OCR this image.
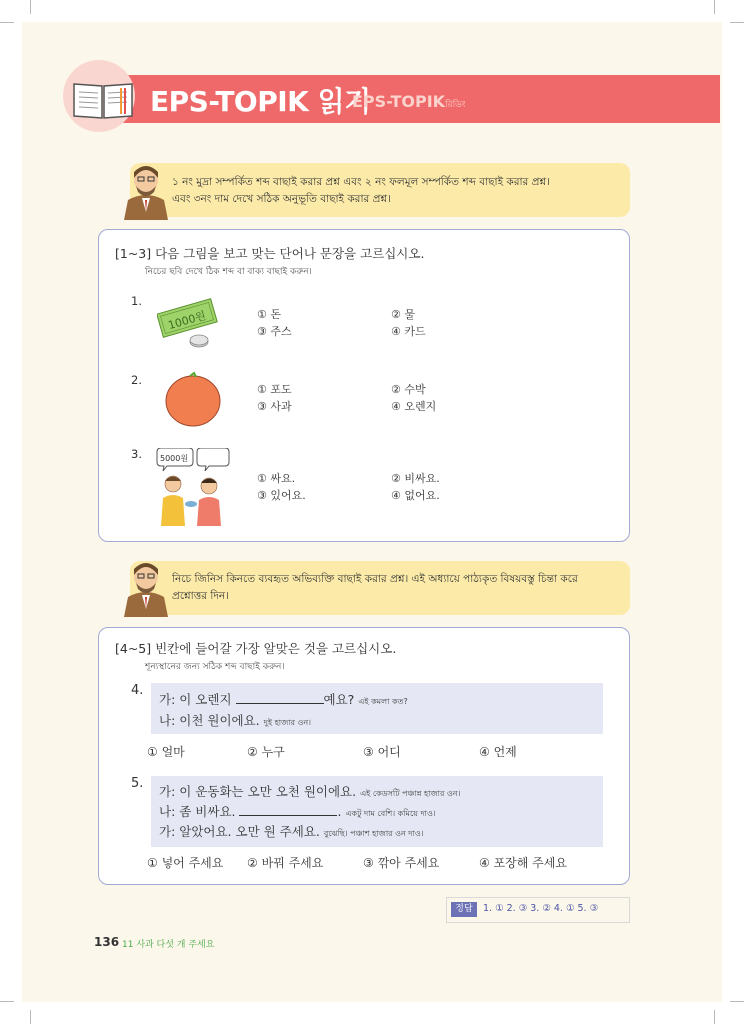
EPS-TOPIK 읽기
EPS-TOPIKরিডিং
১ নং মুদ্রা সম্পর্কিত শব্দ বাছাই করার প্রশ্ন এবং ২ নং ফলমূল সম্পর্কিত শব্দ বাছাই করার প্রশ্ন।
এবং ৩নং দাম দেখে সঠিক অনুভূতি বাছাই করার প্রশ্ন।
[1~3] 다음 그림을 보고 맞는 단어나 문장을 고르십시오.
নিচের ছবি দেখে ঠিক শব্দ বা বাক্য বাছাই করুন।
1.
1000원	① 돈	② 물
③ 주스	④ 카드
2.
① 포도	② 수박
③ 사과	④ 오렌지
3. 5000원
① 싸요.	② 비싸요.
③ 있어요.	④ 없어요.
নিচে জিনিস কিনতে ব্যবহৃত অভিব্যক্তি বাছাই করার প্রশ্ন। এই অধ্যায়ে পাঠ্যকৃত বিষয়বস্তু চিন্তা করে
প্রশ্নোত্তর দিন।
[4~5] 빈칸에 들어갈 가장 알맞은 것을 고르십시오.
শূন্যস্থানের জন্য সঠিক শব্দ বাছাই করুন।
4.
가: 이 오렌지	예요? এই কমলা কত?
나: 이천 원이에요. দুই হাজার ওন।
① 얼마	② 누구	③ 어디	④ 언제
5.
가: 이 운동화는 오만 오천 원이에요. এই কেডসটি পঞ্চান্ন হাজার ওন।
나: 좀 비싸요.	. একটু দাম বেশি। কমিয়ে দাও।
가: 알았어요. 오만 원 주세요. বুঝেছি। পঞ্চাশ হাজার ওন দাও।
① 넣어 주세요 ② 바꿔 주세요	③ 깎아 주세요	④ 포장해 주세요
정답	1. ① 2. ③ 3. ② 4. ① 5. ③
136 11 사과 다섯 개 주세요
